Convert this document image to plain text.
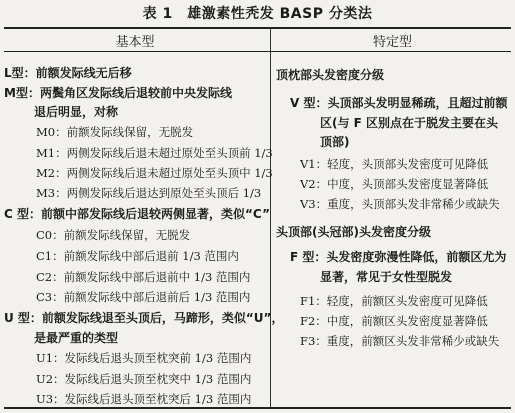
表 1　雄激素性秃发 BASP 分类法
基本型	特定型
L型：前额发际线无后移
M型：两鬓角区发际线后退较前中央发际线
退后明显，对称
M0：前额发际线保留，无脱发
M1：两侧发际线后退未超过原处至头顶前 1/3
M2：两侧发际线后退未超过原处至头顶中 1/3
M3：两侧发际线后退达到原处至头顶后 1/3
C 型：前额中部发际线后退较两侧显著，类似“C”
C0：前额发际线保留，无脱发
C1：前额发际线中部后退前 1/3 范围内
C2：前额发际线中部后退前中 1/3 范围内
C3：前额发际线中部后退前后 1/3 范围内
U 型：前额发际线退至头顶后，马蹄形，类似“U”，
是最严重的类型
U1：发际线后退头顶至枕突前 1/3 范围内
U2：发际线后退头顶至枕突中 1/3 范围内
U3：发际线后退头顶至枕突后 1/3 范围内
顶枕部头发密度分级
V 型：头顶部头发明显稀疏，且超过前额
区(与 F 区别点在于脱发主要在头
顶部)
V1：轻度，头顶部头发密度可见降低
V2：中度，头顶部头发密度显著降低
V3：重度，头顶部头发非常稀少或缺失
头顶部(头冠部)头发密度分级
F 型：头发密度弥漫性降低，前额区尤为
显著，常见于女性型脱发
F1：轻度，前额区头发密度可见降低
F2：中度，前额区头发密度显著降低
F3：重度，前额区头发非常稀少或缺失
